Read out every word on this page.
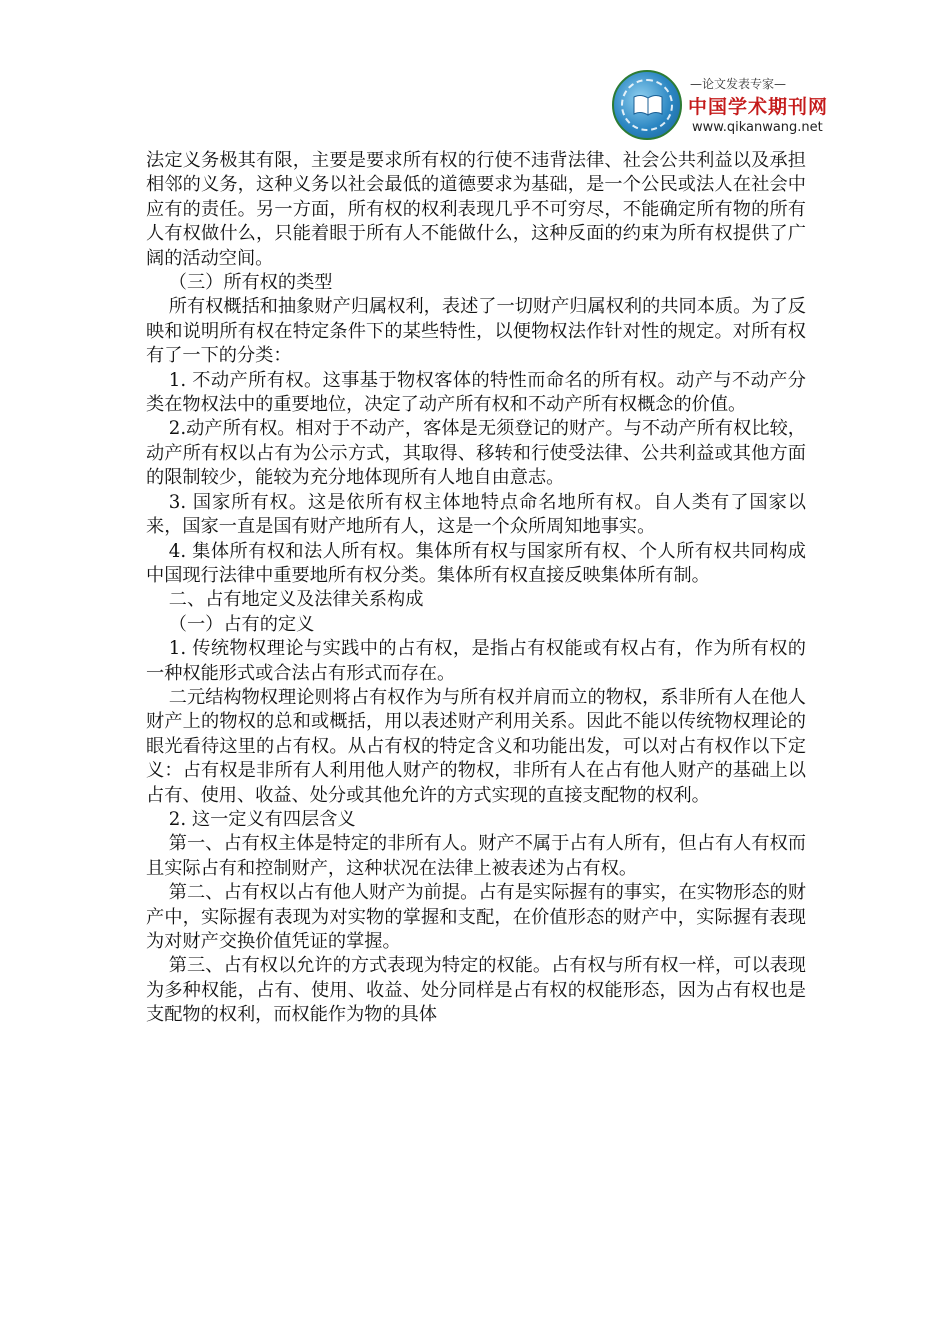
—论文发表专家—
中国学术期刊网
www.qikanwang.net

法定义务极其有限，主要是要求所有权的行使不违背法律、社会公共利益以及承担相邻的义务，这种义务以社会最低的道德要求为基础，是一个公民或法人在社会中应有的责任。另一方面，所有权的权利表现几乎不可穷尽，不能确定所有物的所有人有权做什么，只能着眼于所有人不能做什么，这种反面的约束为所有权提供了广阔的活动空间。

（三）所有权的类型

所有权概括和抽象财产归属权利，表述了一切财产归属权利的共同本质。为了反映和说明所有权在特定条件下的某些特性，以便物权法作针对性的规定。对所有权有了一下的分类：

1. 不动产所有权。这事基于物权客体的特性而命名的所有权。动产与不动产分类在物权法中的重要地位，决定了动产所有权和不动产所有权概念的价值。

2.动产所有权。相对于不动产，客体是无须登记的财产。与不动产所有权比较，动产所有权以占有为公示方式，其取得、移转和行使受法律、公共利益或其他方面的限制较少，能较为充分地体现所有人地自由意志。

3. 国家所有权。这是依所有权主体地特点命名地所有权。自人类有了国家以来，国家一直是国有财产地所有人，这是一个众所周知地事实。

4. 集体所有权和法人所有权。集体所有权与国家所有权、个人所有权共同构成中国现行法律中重要地所有权分类。集体所有权直接反映集体所有制。

二、占有地定义及法律关系构成

（一）占有的定义

1. 传统物权理论与实践中的占有权，是指占有权能或有权占有，作为所有权的一种权能形式或合法占有形式而存在。

二元结构物权理论则将占有权作为与所有权并肩而立的物权，系非所有人在他人财产上的物权的总和或概括，用以表述财产利用关系。因此不能以传统物权理论的眼光看待这里的占有权。从占有权的特定含义和功能出发，可以对占有权作以下定义：占有权是非所有人利用他人财产的物权，非所有人在占有他人财产的基础上以占有、使用、收益、处分或其他允许的方式实现的直接支配物的权利。

2. 这一定义有四层含义

第一、占有权主体是特定的非所有人。财产不属于占有人所有，但占有人有权而且实际占有和控制财产，这种状况在法律上被表述为占有权。

第二、占有权以占有他人财产为前提。占有是实际握有的事实，在实物形态的财产中，实际握有表现为对实物的掌握和支配，在价值形态的财产中，实际握有表现为对财产交换价值凭证的掌握。

第三、占有权以允许的方式表现为特定的权能。占有权与所有权一样，可以表现为多种权能，占有、使用、收益、处分同样是占有权的权能形态，因为占有权也是支配物的权利，而权能作为物的具体
